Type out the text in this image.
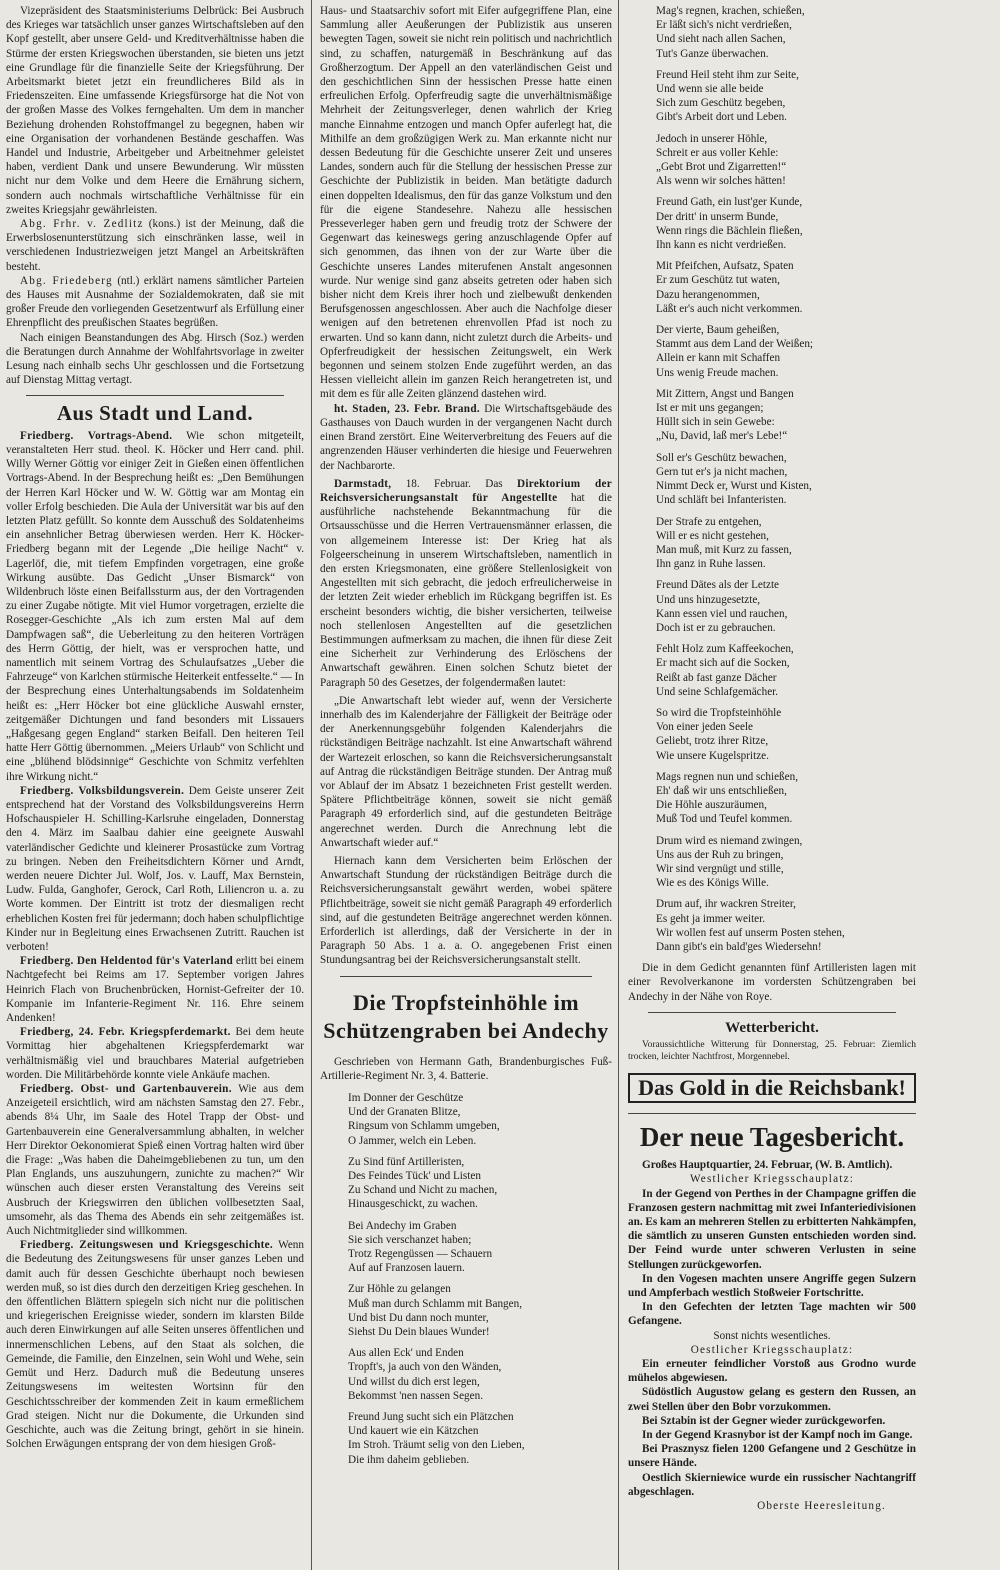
Vizepräsident des Staatsministeriums Delbrück: Bei Ausbruch des Krieges war tatsächlich unser ganzes Wirtschaftsleben auf den Kopf gestellt, aber unsere Geld- und Kreditverhältnisse haben die Stürme der ersten Kriegswochen überstanden, sie bieten uns jetzt eine Grundlage für die finanzielle Seite der Kriegsführung. Der Arbeitsmarkt bietet jetzt ein freundlicheres Bild als in Friedenszeiten. Eine umfassende Kriegsfürsorge hat die Not von der großen Masse des Volkes ferngehalten. Um dem in mancher Beziehung drohenden Rohstoffmangel zu begegnen, haben wir eine Organisation der vorhandenen Bestände geschaffen. Was Handel und Industrie, Arbeitgeber und Arbeitnehmer geleistet haben, verdient Dank und unsere Bewunderung. Wir müssten nicht nur dem Volke und dem Heere die Ernährung sichern, sondern auch nochmals wirtschaftliche Verhältnisse für ein zweites Kriegsjahr gewährleisten.

Abg. Frhr. v. Zedlitz (kons.) ist der Meinung, daß die Erwerbslosenunterstützung sich einschränken lasse, weil in verschiedenen Industriezweigen jetzt Mangel an Arbeitskräften besteht.

Abg. Friedeberg (ntl.) erklärt namens sämtlicher Parteien des Hauses mit Ausnahme der Sozialdemokraten, daß sie mit großer Freude den vorliegenden Gesetzentwurf als Erfüllung einer Ehrenpflicht des preußischen Staates begrüßen.

Nach einigen Beanstandungen des Abg. Hirsch (Soz.) werden die Beratungen durch Annahme der Wohlfahrtsvorlage in zweiter Lesung nach einhalb sechs Uhr geschlossen und die Fortsetzung auf Dienstag Mittag vertagt.

Aus Stadt und Land.

Friedberg. Vortrags-Abend. Wie schon mitgeteilt, veranstalteten Herr stud. theol. K. Höcker und Herr cand. phil. Willy Werner Göttig vor einiger Zeit in Gießen einen öffentlichen Vortrags-Abend. In der Besprechung heißt es: „Den Bemühungen der Herren Karl Höcker und W. W. Göttig war am Montag ein voller Erfolg beschieden. Die Aula der Universität war bis auf den letzten Platz gefüllt. So konnte dem Ausschuß des Soldatenheims ein ansehnlicher Betrag überwiesen werden. Herr K. Höcker-Friedberg begann mit der Legende „Die heilige Nacht“ v. Lagerlöf, die, mit tiefem Empfinden vorgetragen, eine große Wirkung ausübte. Das Gedicht „Unser Bismarck“ von Wildenbruch löste einen Beifallssturm aus, der den Vortragenden zu einer Zugabe nötigte. Mit viel Humor vorgetragen, erzielte die Rosegger-Geschichte „Als ich zum ersten Mal auf dem Dampfwagen saß“, die Ueberleitung zu den heiteren Vorträgen des Herrn Göttig, der hielt, was er versprochen hatte, und namentlich mit seinem Vortrag des Schulaufsatzes „Ueber die Fahrzeuge“ von Karlchen stürmische Heiterkeit entfesselte.“ — In der Besprechung eines Unterhaltungsabends im Soldatenheim heißt es: „Herr Höcker bot eine glückliche Auswahl ernster, zeitgemäßer Dichtungen und fand besonders mit Lissauers „Haßgesang gegen England“ starken Beifall. Den heiteren Teil hatte Herr Göttig übernommen. „Meiers Urlaub“ von Schlicht und eine „blühend blödsinnige“ Geschichte von Schmitz verfehlten ihre Wirkung nicht.“

Friedberg. Volksbildungsverein. Dem Geiste unserer Zeit entsprechend hat der Vorstand des Volksbildungsvereins Herrn Hofschauspieler H. Schilling-Karlsruhe eingeladen, Donnerstag den 4. März im Saalbau dahier eine geeignete Auswahl vaterländischer Gedichte und kleinerer Prosastücke zum Vortrag zu bringen. Neben den Freiheitsdichtern Körner und Arndt, werden neuere Dichter Jul. Wolf, Jos. v. Lauff, Max Bernstein, Ludw. Fulda, Ganghofer, Gerock, Carl Roth, Liliencron u. a. zu Worte kommen. Der Eintritt ist trotz der diesmaligen recht erheblichen Kosten frei für jedermann; doch haben schulpflichtige Kinder nur in Begleitung eines Erwachsenen Zutritt. Rauchen ist verboten!

Friedberg. Den Heldentod für's Vaterland erlitt bei einem Nachtgefecht bei Reims am 17. September vorigen Jahres Heinrich Flach von Bruchenbrücken, Hornist-Gefreiter der 10. Kompanie im Infanterie-Regiment Nr. 116. Ehre seinem Andenken!

Friedberg, 24. Febr. Kriegspferdemarkt. Bei dem heute Vormittag hier abgehaltenen Kriegspferdemarkt war verhältnismäßig viel und brauchbares Material aufgetrieben worden. Die Militärbehörde konnte viele Ankäufe machen.

Friedberg. Obst- und Gartenbauverein. Wie aus dem Anzeigeteil ersichtlich, wird am nächsten Samstag den 27. Febr., abends 8¼ Uhr, im Saale des Hotel Trapp der Obst- und Gartenbauverein eine Generalversammlung abhalten, in welcher Herr Direktor Oekonomierat Spieß einen Vortrag halten wird über die Frage: „Was haben die Daheimgebliebenen zu tun, um den Plan Englands, uns auszuhungern, zunichte zu machen?“ Wir wünschen auch dieser ersten Veranstaltung des Vereins seit Ausbruch der Kriegswirren den üblichen vollbesetzten Saal, umsomehr, als das Thema des Abends ein sehr zeitgemäßes ist. Auch Nichtmitglieder sind willkommen.

Friedberg. Zeitungswesen und Kriegsgeschichte. Wenn die Bedeutung des Zeitungswesens für unser ganzes Leben und damit auch für dessen Geschichte überhaupt noch bewiesen werden muß, so ist dies durch den derzeitigen Krieg geschehen. In den öffentlichen Blättern spiegeln sich nicht nur die politischen und kriegerischen Ereignisse wieder, sondern im klarsten Bilde auch deren Einwirkungen auf alle Seiten unseres öffentlichen und innermenschlichen Lebens, auf den Staat als solchen, die Gemeinde, die Familie, den Einzelnen, sein Wohl und Wehe, sein Gemüt und Herz. Dadurch muß die Bedeutung unseres Zeitungswesens im weitesten Wortsinn für den Geschichtsschreiber der kommenden Zeit in kaum ermeßlichem Grad steigen. Nicht nur die Dokumente, die Urkunden sind Geschichte, auch was die Zeitung bringt, gehört in sie hinein. Solchen Erwägungen entsprang der von dem hiesigen Groß-

Haus- und Staatsarchiv sofort mit Eifer aufgegriffene Plan, eine Sammlung aller Aeußerungen der Publizistik aus unseren bewegten Tagen, soweit sie nicht rein politisch und nachrichtlich sind, zu schaffen, naturgemäß in Beschränkung auf das Großherzogtum. Der Appell an den vaterländischen Geist und den geschichtlichen Sinn der hessischen Presse hatte einen erfreulichen Erfolg. Opferfreudig sagte die unverhältnismäßige Mehrheit der Zeitungsverleger, denen wahrlich der Krieg manche Einnahme entzogen und manch Opfer auferlegt hat, die Mithilfe an dem großzügigen Werk zu. Man erkannte nicht nur dessen Bedeutung für die Geschichte unserer Zeit und unseres Landes, sondern auch für die Stellung der hessischen Presse zur Geschichte der Publizistik in beiden. Man betätigte dadurch einen doppelten Idealismus, den für das ganze Volkstum und den für die eigene Standesehre. Nahezu alle hessischen Presseverleger haben gern und freudig trotz der Schwere der Gegenwart das keineswegs gering anzuschlagende Opfer auf sich genommen, das ihnen von der zur Warte über die Geschichte unseres Landes miterufenen Anstalt angesonnen wurde. Nur wenige sind ganz abseits getreten oder haben sich bisher nicht dem Kreis ihrer hoch und zielbewußt denkenden Berufsgenossen angeschlossen. Aber auch die Nachfolge dieser wenigen auf den betretenen ehrenvollen Pfad ist noch zu erwarten. Und so kann dann, nicht zuletzt durch die Arbeits- und Opferfreudigkeit der hessischen Zeitungswelt, ein Werk begonnen und seinem stolzen Ende zugeführt werden, an das Hessen vielleicht allein im ganzen Reich herangetreten ist, und mit dem es für alle Zeiten glänzend dastehen wird.

ht. Staden, 23. Febr. Brand. Die Wirtschaftsgebäude des Gasthauses von Dauch wurden in der vergangenen Nacht durch einen Brand zerstört. Eine Weiterverbreitung des Feuers auf die angrenzenden Häuser verhinderten die hiesige und Feuerwehren der Nachbarorte.

Darmstadt, 18. Februar. Das Direktorium der Reichsversicherungsanstalt für Angestellte hat die ausführliche nachstehende Bekanntmachung für die Ortsausschüsse und die Herren Vertrauensmänner erlassen, die von allgemeinem Interesse ist: Der Krieg hat als Folgeerscheinung in unserem Wirtschaftsleben, namentlich in den ersten Kriegsmonaten, eine größere Stellenlosigkeit von Angestellten mit sich gebracht, die jedoch erfreulicherweise in der letzten Zeit wieder erheblich im Rückgang begriffen ist. Es erscheint besonders wichtig, die bisher versicherten, teilweise noch stellenlosen Angestellten auf die gesetzlichen Bestimmungen aufmerksam zu machen, die ihnen für diese Zeit eine Sicherheit zur Verhinderung des Erlöschens der Anwartschaft gewähren. Einen solchen Schutz bietet der Paragraph 50 des Gesetzes, der folgendermaßen lautet:

„Die Anwartschaft lebt wieder auf, wenn der Versicherte innerhalb des im Kalenderjahre der Fälligkeit der Beiträge oder der Anerkennungsgebühr folgenden Kalenderjahrs die rückständigen Beiträge nachzahlt. Ist eine Anwartschaft während der Wartezeit erloschen, so kann die Reichsversicherungsanstalt auf Antrag die rückständigen Beiträge stunden. Der Antrag muß vor Ablauf der im Absatz 1 bezeichneten Frist gestellt werden. Spätere Pflichtbeiträge können, soweit sie nicht gemäß Paragraph 49 erforderlich sind, auf die gestundeten Beiträge angerechnet werden. Durch die Anrechnung lebt die Anwartschaft wieder auf.“

Hiernach kann dem Versicherten beim Erlöschen der Anwartschaft Stundung der rückständigen Beiträge durch die Reichsversicherungsanstalt gewährt werden, wobei spätere Pflichtbeiträge, soweit sie nicht gemäß Paragraph 49 erforderlich sind, auf die gestundeten Beiträge angerechnet werden können. Erforderlich ist allerdings, daß der Versicherte in der in Paragraph 50 Abs. 1 a. a. O. angegebenen Frist einen Stundungsantrag bei der Reichsversicherungsanstalt stellt.

Die Tropfsteinhöhle im Schützengraben bei Andechy

Geschrieben von Hermann Gath, Brandenburgisches Fuß-Artillerie-Regiment Nr. 3, 4. Batterie.

Im Donner der Geschütze
Und der Granaten Blitze,
Ringsum von Schlamm umgeben,
O Jammer, welch ein Leben.
Zu Sind fünf Artilleristen,
Des Feindes Tück' und Listen
Zu Schand und Nicht zu machen,
Hinausgeschickt, zu wachen.
Bei Andechy im Graben
Sie sich verschanzet haben;
Trotz Regengüssen — Schauern
Auf auf Franzosen lauern.
Zur Höhle zu gelangen
Muß man durch Schlamm mit Bangen,
Und bist Du dann noch munter,
Siehst Du Dein blaues Wunder!
Aus allen Eck' und Enden
Tropft's, ja auch von den Wänden,
Und willst du dich erst legen,
Bekommst 'nen nassen Segen.
Freund Jung sucht sich ein Plätzchen
Und kauert wie ein Kätzchen
Im Stroh. Träumt selig von den Lieben,
Die ihm daheim geblieben.
Mag's regnen, krachen, schießen,
Er läßt sich's nicht verdrießen,
Und sieht nach allen Sachen,
Tut's Ganze überwachen.
Freund Heil steht ihm zur Seite,
Und wenn sie alle beide
Sich zum Geschütz begeben,
Gibt's Arbeit dort und Leben.
Jedoch in unserer Höhle,
Schreit er aus voller Kehle:
„Gebt Brot und Zigarretten!“
Als wenn wir solches hätten!
Freund Gath, ein lust'ger Kunde,
Der dritt' in unserm Bunde,
Wenn rings die Bächlein fließen,
Ihn kann es nicht verdrießen.
Mit Pfeifchen, Aufsatz, Spaten
Er zum Geschütz tut waten,
Dazu herangenommen,
Läßt er's auch nicht verkommen.
Der vierte, Baum geheißen,
Stammt aus dem Land der Weißen;
Allein er kann mit Schaffen
Uns wenig Freude machen.
Mit Zittern, Angst und Bangen
Ist er mit uns gegangen;
Hüllt sich in sein Gewebe:
„Nu, David, laß mer's Lebe!“
Soll er's Geschütz bewachen,
Gern tut er's ja nicht machen,
Nimmt Deck er, Wurst und Kisten,
Und schläft bei Infanteristen.
Der Strafe zu entgehen,
Will er es nicht gestehen,
Man muß, mit Kurz zu fassen,
Ihn ganz in Ruhe lassen.
Freund Dätes als der Letzte
Und uns hinzugesetzte,
Kann essen viel und rauchen,
Doch ist er zu gebrauchen.
Fehlt Holz zum Kaffeekochen,
Er macht sich auf die Socken,
Reißt ab fast ganze Dächer
Und seine Schlafgemächer.
So wird die Tropfsteinhöhle
Von einer jeden Seele
Geliebt, trotz ihrer Ritze,
Wie unsere Kugelspritze.
Mags regnen nun und schießen,
Eh' daß wir uns entschließen,
Die Höhle auszuräumen,
Muß Tod und Teufel kommen.
Drum wird es niemand zwingen,
Uns aus der Ruh zu bringen,
Wir sind vergnügt und stille,
Wie es des Königs Wille.
Drum auf, ihr wackren Streiter,
Es geht ja immer weiter.
Wir wollen fest auf unserm Posten stehen,
Dann gibt's ein bald'ges Wiedersehn!

Die in dem Gedicht genannten fünf Artilleristen lagen mit einer Revolverkanone im vordersten Schützengraben bei Andechy in der Nähe von Roye.

Wetterbericht.

Voraussichtliche Witterung für Donnerstag, 25. Februar: Ziemlich trocken, leichter Nachtfrost, Morgennebel.

Das Gold in die Reichsbank!
Der neue Tagesbericht.

Großes Hauptquartier, 24. Februar, (W. B. Amtlich).

Westlicher Kriegsschauplatz:

In der Gegend von Perthes in der Champagne griffen die Franzosen gestern nachmittag mit zwei Infanteriedivisionen an. Es kam an mehreren Stellen zu erbitterten Nahkämpfen, die sämtlich zu unseren Gunsten entschieden worden sind. Der Feind wurde unter schweren Verlusten in seine Stellungen zurückgeworfen.

In den Vogesen machten unsere Angriffe gegen Sulzern und Ampferbach westlich Stoßweier Fortschritte.

In den Gefechten der letzten Tage machten wir 500 Gefangene.

Sonst nichts wesentliches.

Oestlicher Kriegsschauplatz:

Ein erneuter feindlicher Vorstoß aus Grodno wurde mühelos abgewiesen.

Südöstlich Augustow gelang es gestern den Russen, an zwei Stellen über den Bobr vorzukommen.

Bei Sztabin ist der Gegner wieder zurückgeworfen.

In der Gegend Krasnybor ist der Kampf noch im Gange.

Bei Prasznysz fielen 1200 Gefangene und 2 Geschütze in unsere Hände.

Oestlich Skierniewice wurde ein russischer Nachtangriff abgeschlagen.

Oberste Heeresleitung.
